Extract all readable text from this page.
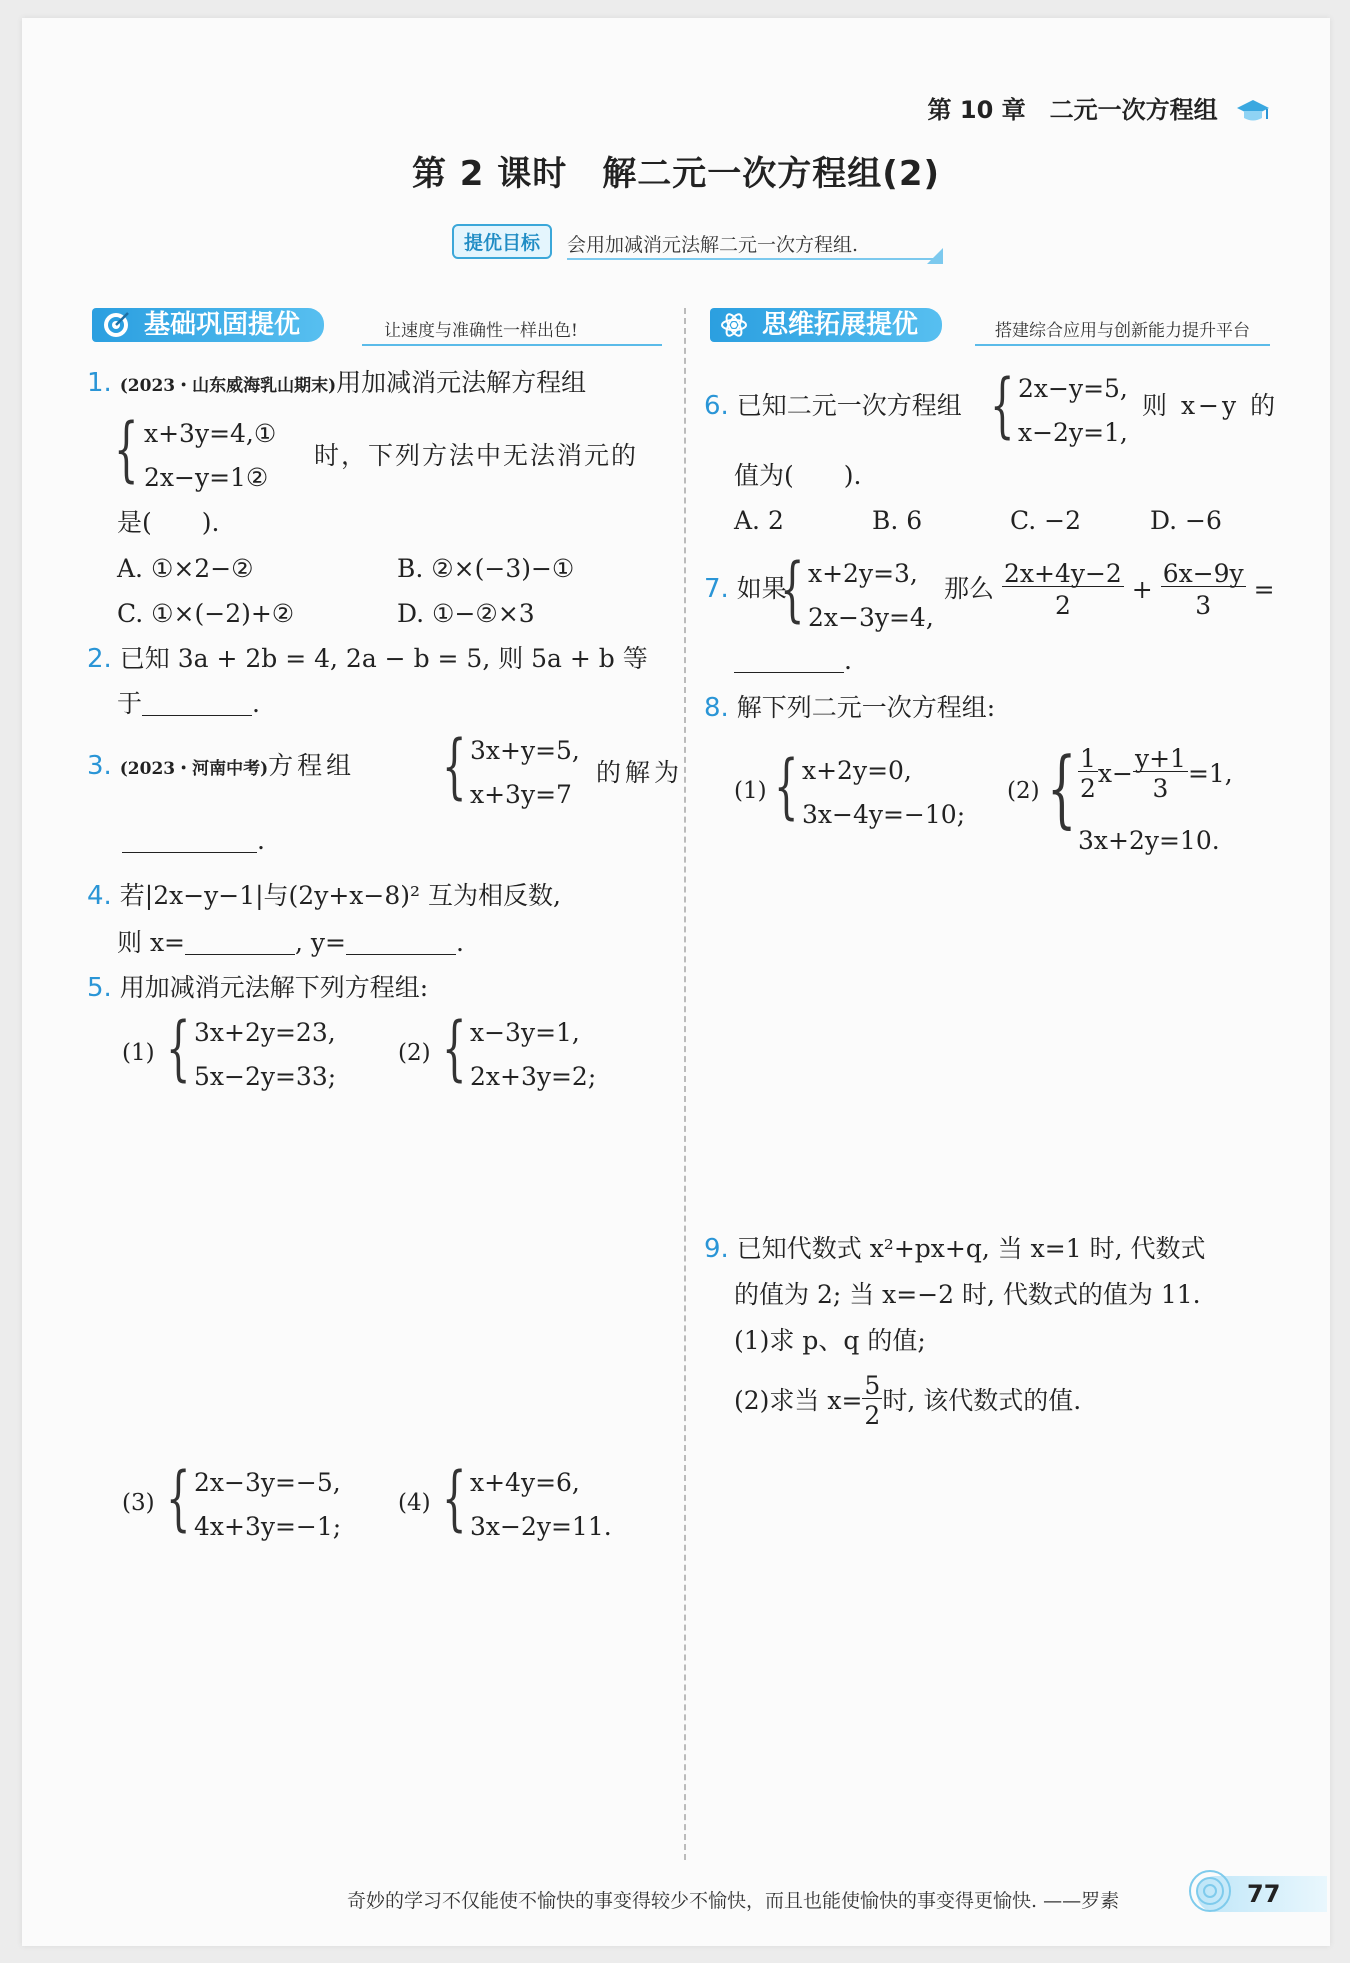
第 10 章　二元一次方程组
第 2 课时　解二元一次方程组(2)
提优目标	会用加减消元法解二元一次方程组.
基础巩固提优	让速度与准确性一样出色!	思维拓展提优	搭建综合应用与创新能力提升平台
1. (2023・山东威海乳山期末)用加减消元法解方程组
{ x+3y=4,①
2x−y=1②
时，下列方法中无法消元的
是(　　).
A. ①×2−②	B. ②×(−3)−①
C. ①×(−2)+②	D. ①−②×3
2. 已知 3a + 2b = 4, 2a − b = 5, 则 5a + b 等
于	.
3. (2023・河南中考)方程组 { 3x+y=5,
x+3y=7
的解为
.
4. 若|2x−y−1|与(2y+x−8)² 互为相反数,
则 x=	, y=	.
5. 用加减消元法解下列方程组:
(1) { 3x+2y=23,
5x−2y=33;
(2) { x−3y=1,
2x+3y=2;
(3) { 2x−3y=−5,
4x+3y=−1;
(4) { x+4y=6,
3x−2y=11.
6. 已知二元一次方程组 { 2x−y=5,
x−2y=1,
则 x−y 的
值为(　　).
A. 2	B. 6	C. −2	D. −6
7. 如果
{ x+2y=3,
2x−3y=4,
那么 $\frac{2x+4y-2}{2} + \frac{6x-9y}{3}$ =
.
8. 解下列二元一次方程组:
(1) { x+2y=0,
3x−4y=−10;
(2) { $\frac{1}{2} x- \frac{y+1}{3} =1$,
3x+2y=10.
9. 已知代数式 x²+px+q, 当 x=1 时, 代数式
的值为 2; 当 x=−2 时, 代数式的值为 11.
(1)求 p、q 的值;
(2)求当 $x= \frac{5}{2}$ 时, 该代数式的值.
奇妙的学习不仅能使不愉快的事变得较少不愉快，而且也能使愉快的事变得更愉快. ——罗素	77
